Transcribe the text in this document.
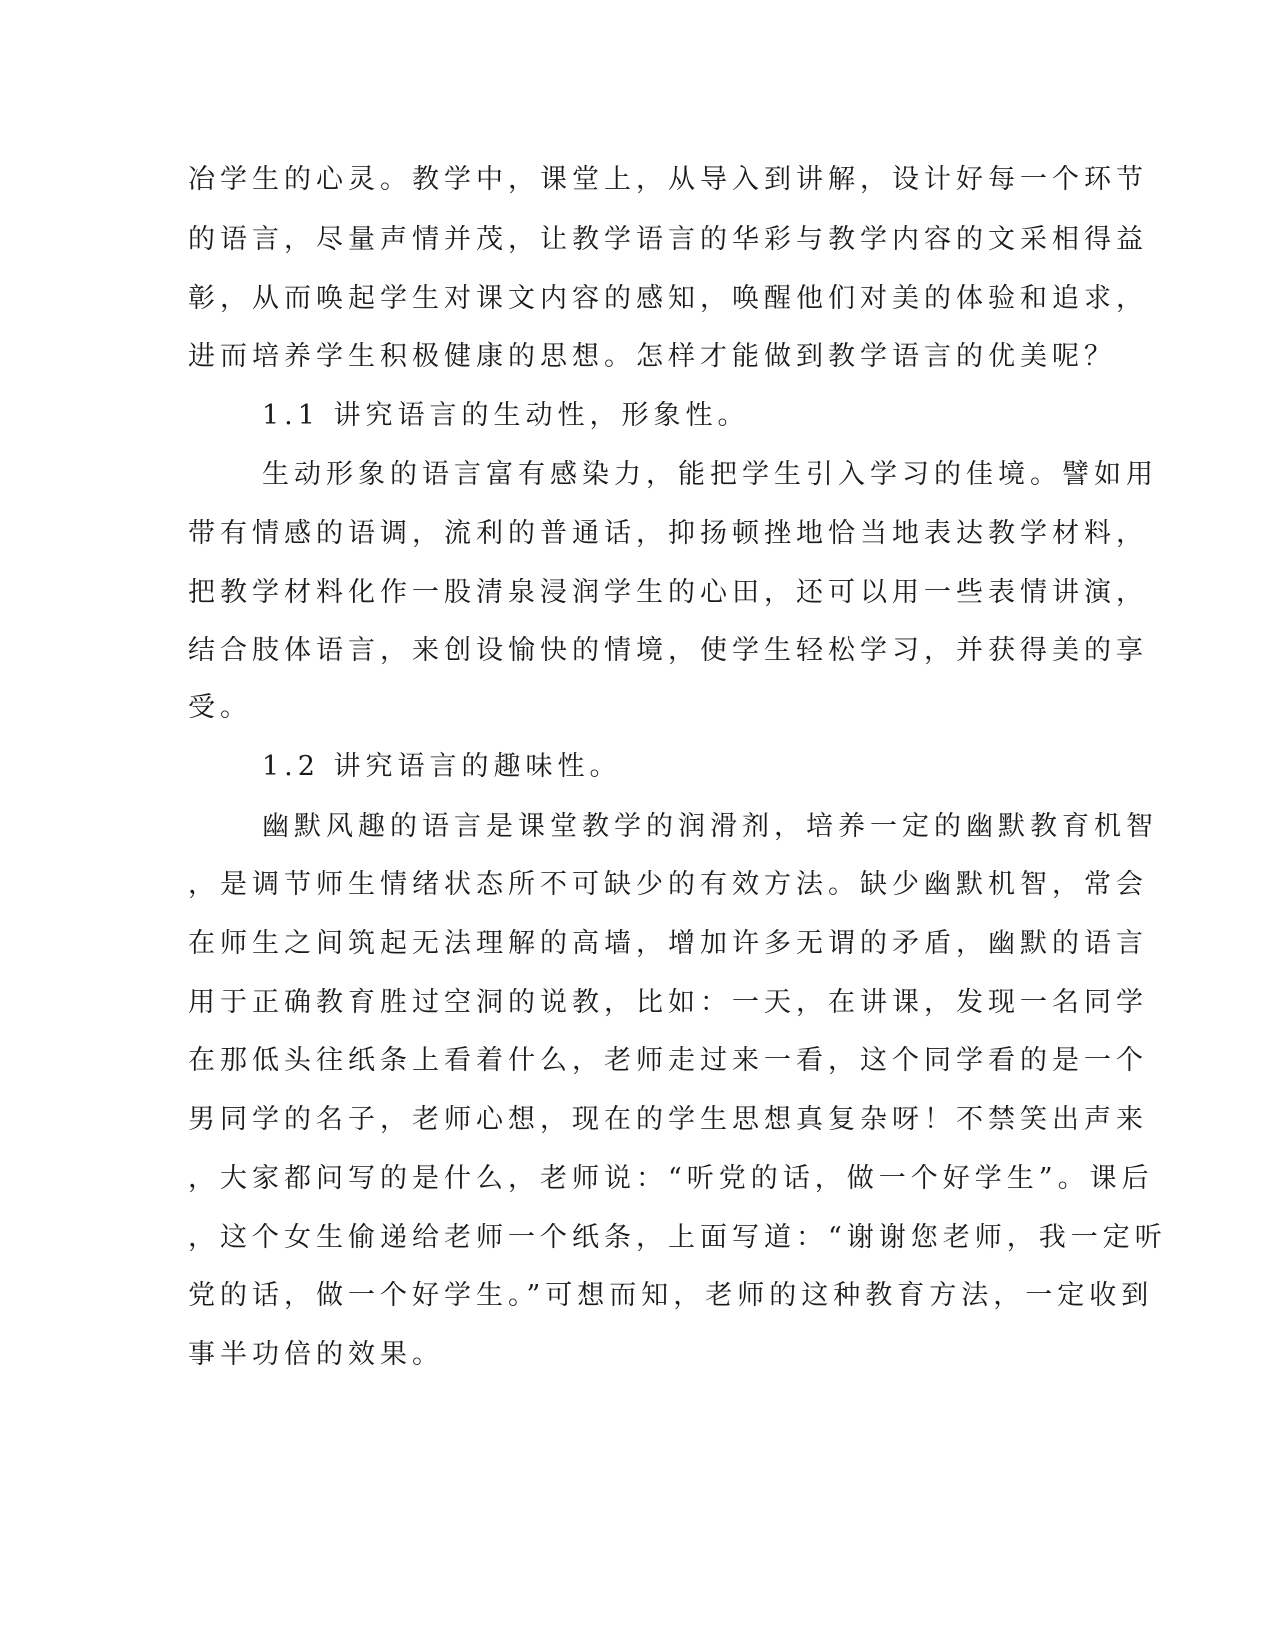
冶学生的心灵。教学中，课堂上，从导入到讲解，设计好每一个环节
的语言，尽量声情并茂，让教学语言的华彩与教学内容的文采相得益
彰，从而唤起学生对课文内容的感知，唤醒他们对美的体验和追求，
进而培养学生积极健康的思想。怎样才能做到教学语言的优美呢？
1.1 讲究语言的生动性，形象性。
生动形象的语言富有感染力，能把学生引入学习的佳境。譬如用
带有情感的语调，流利的普通话，抑扬顿挫地恰当地表达教学材料，
把教学材料化作一股清泉浸润学生的心田，还可以用一些表情讲演，
结合肢体语言，来创设愉快的情境，使学生轻松学习，并获得美的享
受。
1.2 讲究语言的趣味性。
幽默风趣的语言是课堂教学的润滑剂，培养一定的幽默教育机智
，是调节师生情绪状态所不可缺少的有效方法。缺少幽默机智，常会
在师生之间筑起无法理解的高墙，增加许多无谓的矛盾，幽默的语言
用于正确教育胜过空洞的说教，比如：一天，在讲课，发现一名同学
在那低头往纸条上看着什么，老师走过来一看，这个同学看的是一个
男同学的名子，老师心想，现在的学生思想真复杂呀！不禁笑出声来
，大家都问写的是什么，老师说：“听党的话，做一个好学生”。课后
，这个女生偷递给老师一个纸条，上面写道：“谢谢您老师，我一定听
党的话，做一个好学生。”可想而知，老师的这种教育方法，一定收到
事半功倍的效果。
